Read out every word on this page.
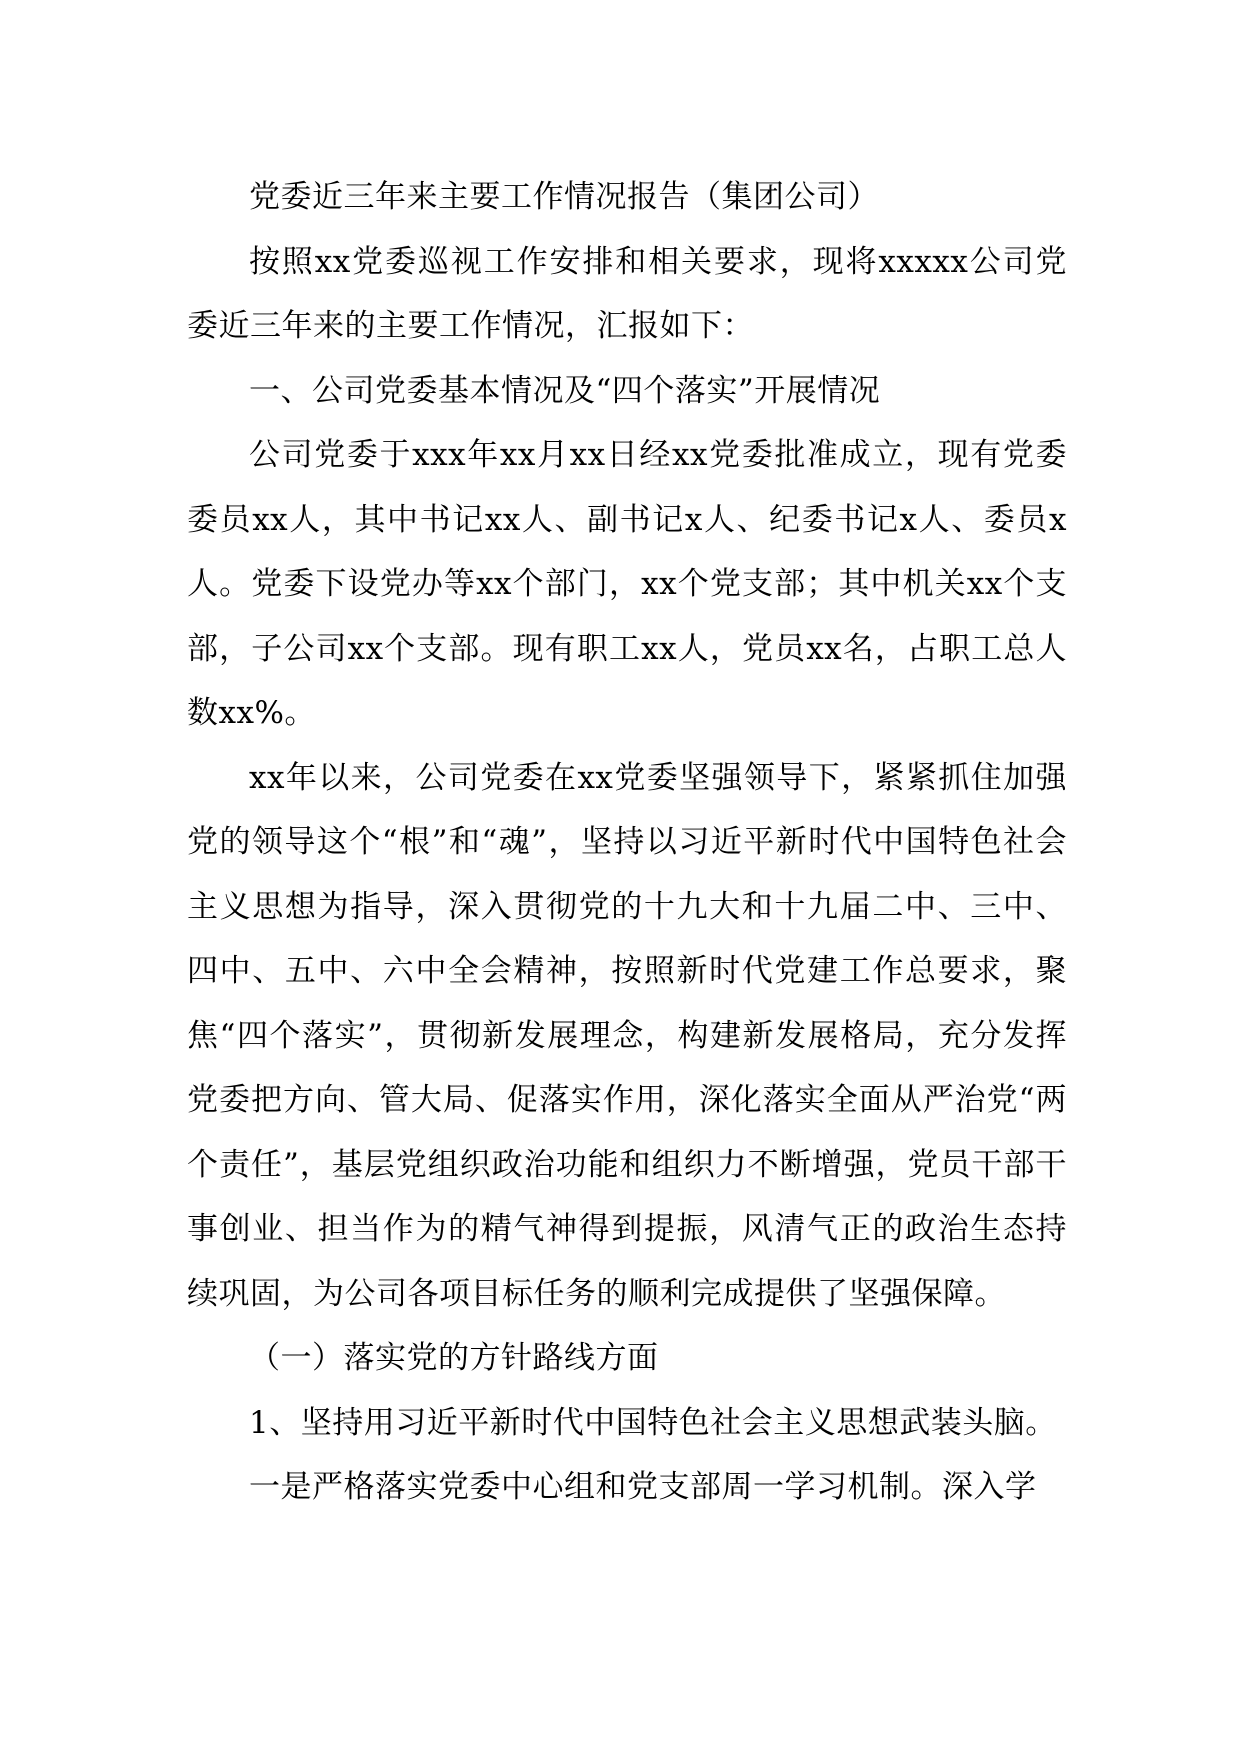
党委近三年来主要工作情况报告（集团公司）

按照xx党委巡视工作安排和相关要求，现将xxxxx公司党委近三年来的主要工作情况，汇报如下：

一、公司党委基本情况及“四个落实”开展情况

公司党委于xxx年xx月xx日经xx党委批准成立，现有党委委员xx人，其中书记xx人、副书记x人、纪委书记x人、委员x人。党委下设党办等xx个部门，xx个党支部；其中机关xx个支部，子公司xx个支部。现有职工xx人，党员xx名，占职工总人数xx%。

xx年以来，公司党委在xx党委坚强领导下，紧紧抓住加强党的领导这个“根”和“魂”，坚持以习近平新时代中国特色社会主义思想为指导，深入贯彻党的十九大和十九届二中、三中、四中、五中、六中全会精神，按照新时代党建工作总要求，聚焦“四个落实”，贯彻新发展理念，构建新发展格局，充分发挥党委把方向、管大局、促落实作用，深化落实全面从严治党“两个责任”，基层党组织政治功能和组织力不断增强，党员干部干事创业、担当作为的精气神得到提振，风清气正的政治生态持续巩固，为公司各项目标任务的顺利完成提供了坚强保障。

（一）落实党的方针路线方面

1、坚持用习近平新时代中国特色社会主义思想武装头脑。

一是严格落实党委中心组和党支部周一学习机制。深入学
